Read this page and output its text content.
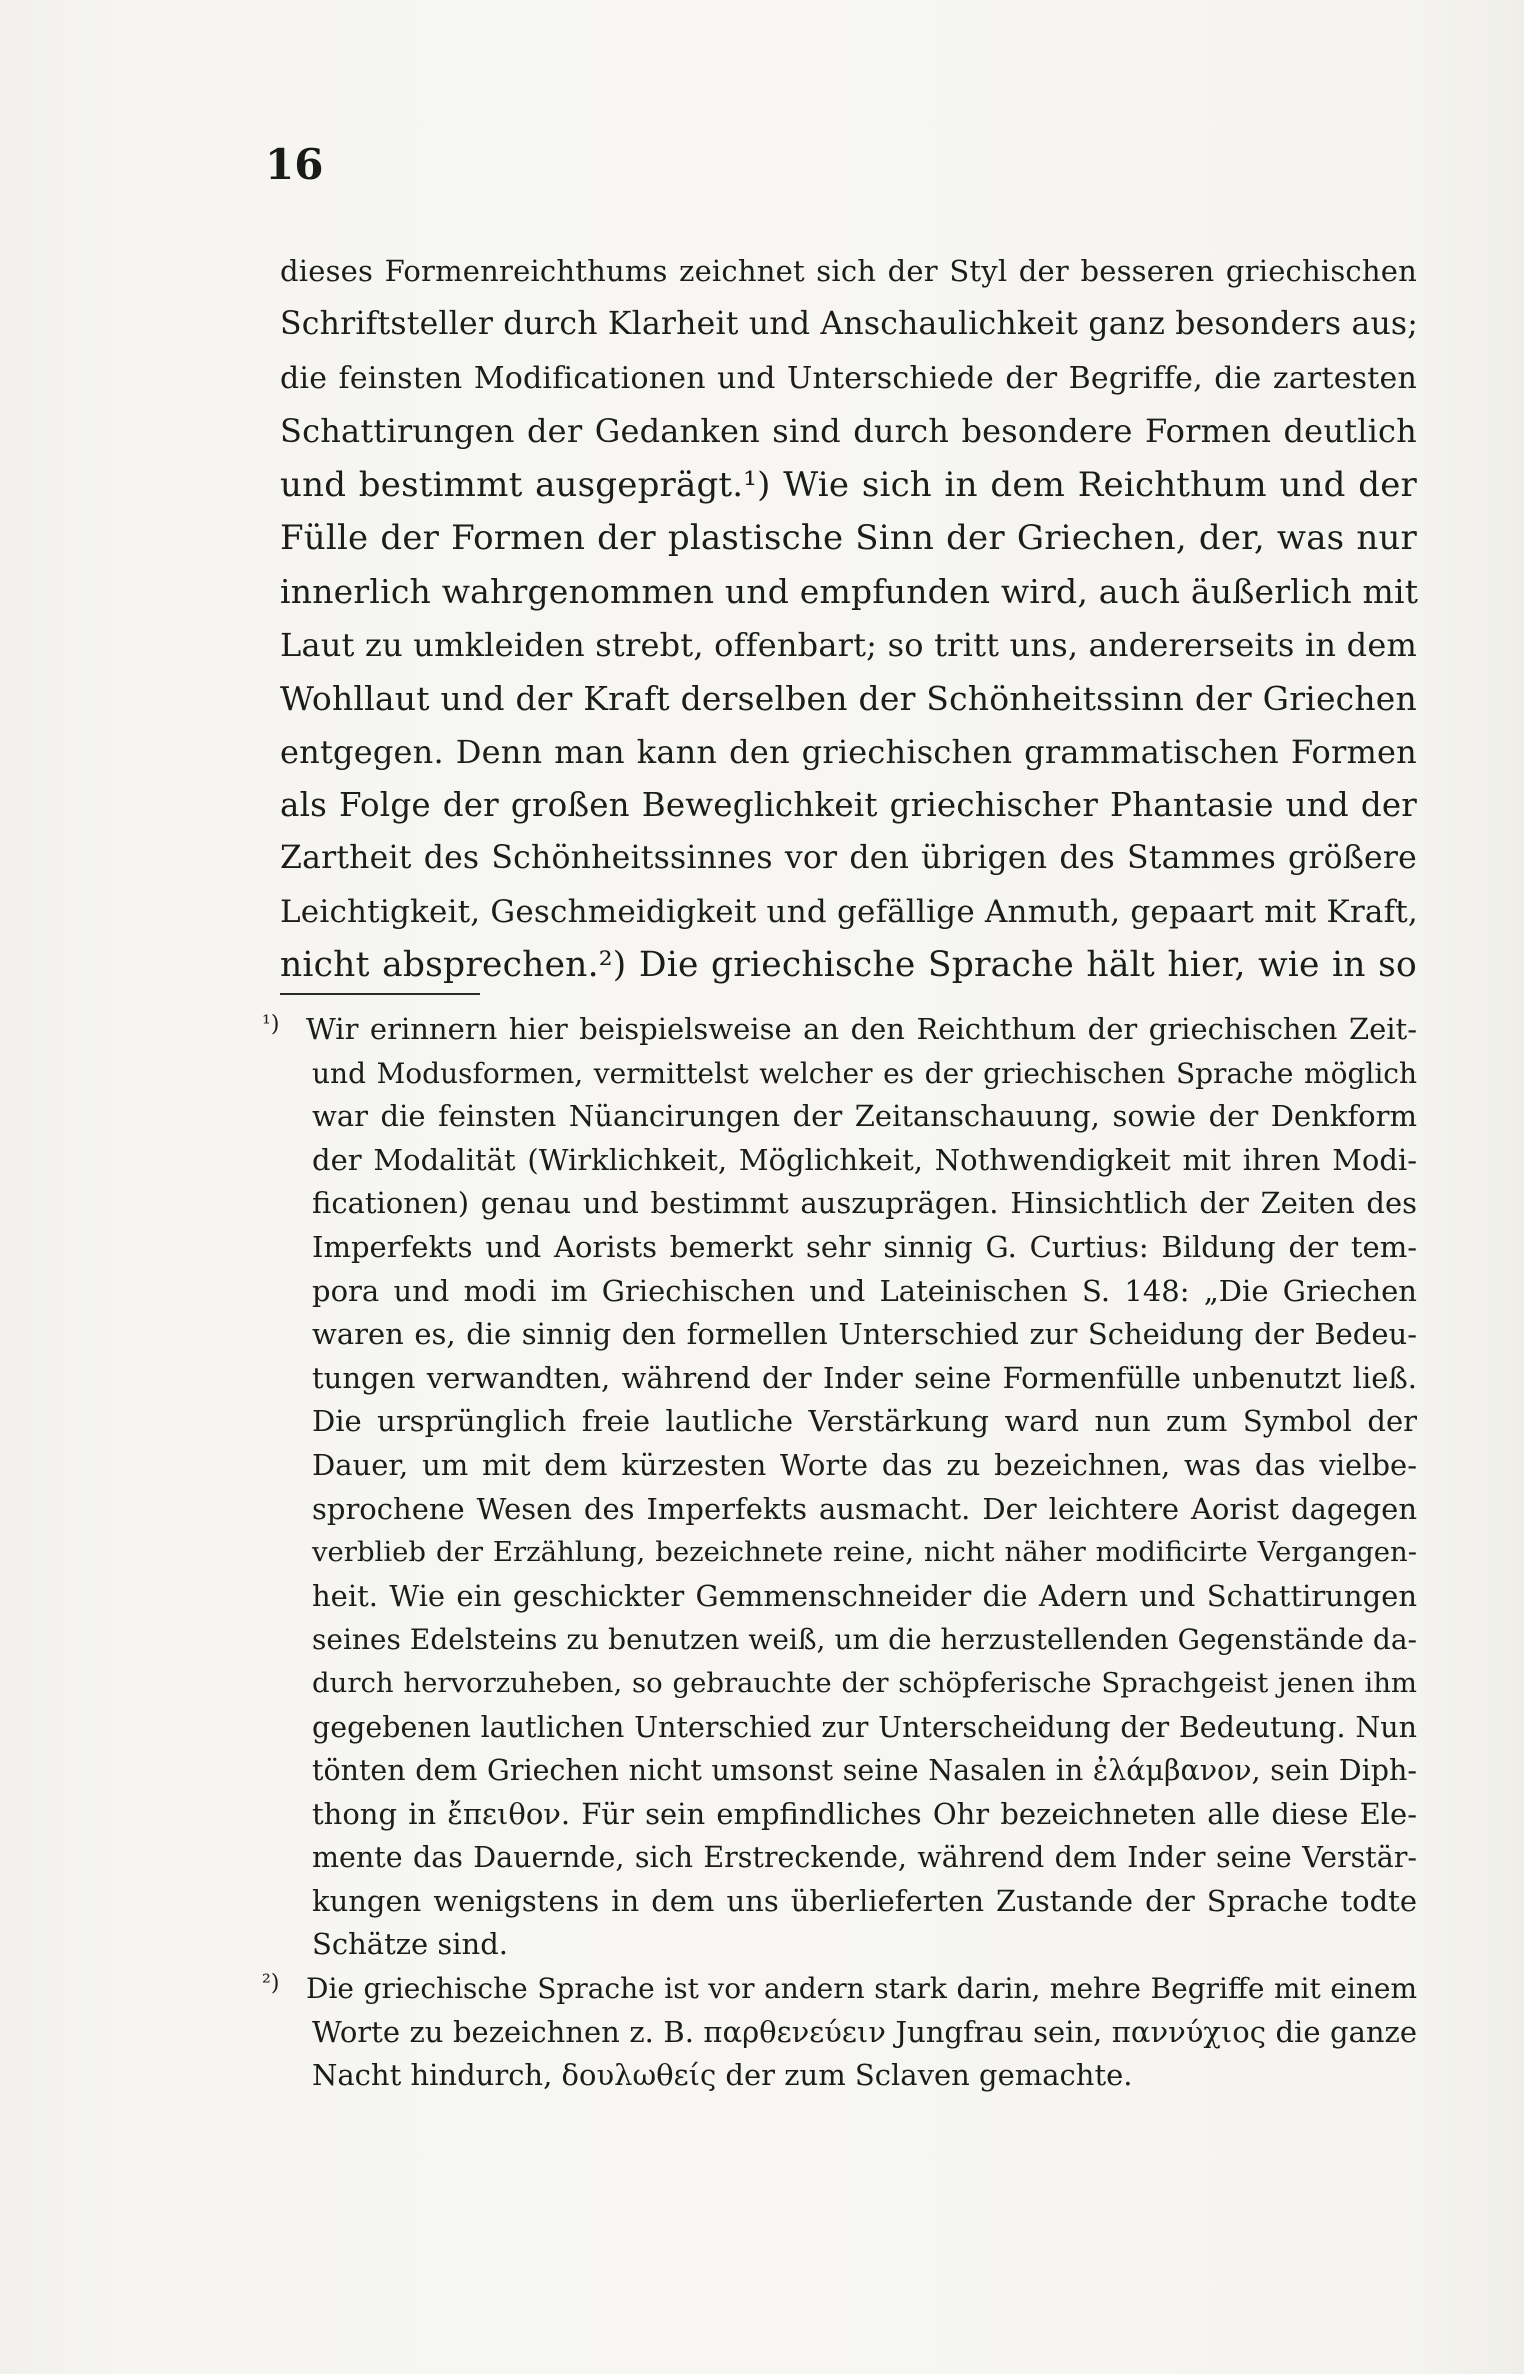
16
dieses Formenreichthums zeichnet sich der Styl der besseren griechischen
Schriftsteller durch Klarheit und Anschaulichkeit ganz besonders aus;
die feinsten Modificationen und Unterschiede der Begriffe, die zartesten
Schattirungen der Gedanken sind durch besondere Formen deutlich
und bestimmt ausgeprägt.¹) Wie sich in dem Reichthum und der
Fülle der Formen der plastische Sinn der Griechen, der, was nur
innerlich wahrgenommen und empfunden wird, auch äußerlich mit
Laut zu umkleiden strebt, offenbart; so tritt uns, andererseits in dem
Wohllaut und der Kraft derselben der Schönheitssinn der Griechen
entgegen. Denn man kann den griechischen grammatischen Formen
als Folge der großen Beweglichkeit griechischer Phantasie und der
Zartheit des Schönheitssinnes vor den übrigen des Stammes größere
Leichtigkeit, Geschmeidigkeit und gefällige Anmuth, gepaart mit Kraft,
nicht absprechen.²) Die griechische Sprache hält hier, wie in so
¹) Wir erinnern hier beispielsweise an den Reichthum der griechischen Zeit-
und Modusformen, vermittelst welcher es der griechischen Sprache möglich
war die feinsten Nüancirungen der Zeitanschauung, sowie der Denkform
der Modalität (Wirklichkeit, Möglichkeit, Nothwendigkeit mit ihren Modi-
ficationen) genau und bestimmt auszuprägen. Hinsichtlich der Zeiten des
Imperfekts und Aorists bemerkt sehr sinnig G. Curtius: Bildung der tem-
pora und modi im Griechischen und Lateinischen S. 148: „Die Griechen
waren es, die sinnig den formellen Unterschied zur Scheidung der Bedeu-
tungen verwandten, während der Inder seine Formenfülle unbenutzt ließ.
Die ursprünglich freie lautliche Verstärkung ward nun zum Symbol der
Dauer, um mit dem kürzesten Worte das zu bezeichnen, was das vielbe-
sprochene Wesen des Imperfekts ausmacht. Der leichtere Aorist dagegen
verblieb der Erzählung, bezeichnete reine, nicht näher modificirte Vergangen-
heit. Wie ein geschickter Gemmenschneider die Adern und Schattirungen
seines Edelsteins zu benutzen weiß, um die herzustellenden Gegenstände da-
durch hervorzuheben, so gebrauchte der schöpferische Sprachgeist jenen ihm
gegebenen lautlichen Unterschied zur Unterscheidung der Bedeutung. Nun
tönten dem Griechen nicht umsonst seine Nasalen in ἐλάμβανον, sein Diph-
thong in ἔπειθον. Für sein empfindliches Ohr bezeichneten alle diese Ele-
mente das Dauernde, sich Erstreckende, während dem Inder seine Verstär-
kungen wenigstens in dem uns überlieferten Zustande der Sprache todte
Schätze sind.
²) Die griechische Sprache ist vor andern stark darin, mehre Begriffe mit einem
Worte zu bezeichnen z. B. παρθενεύειν Jungfrau sein, παννύχιος die ganze
Nacht hindurch, δουλωθείς der zum Sclaven gemachte.
